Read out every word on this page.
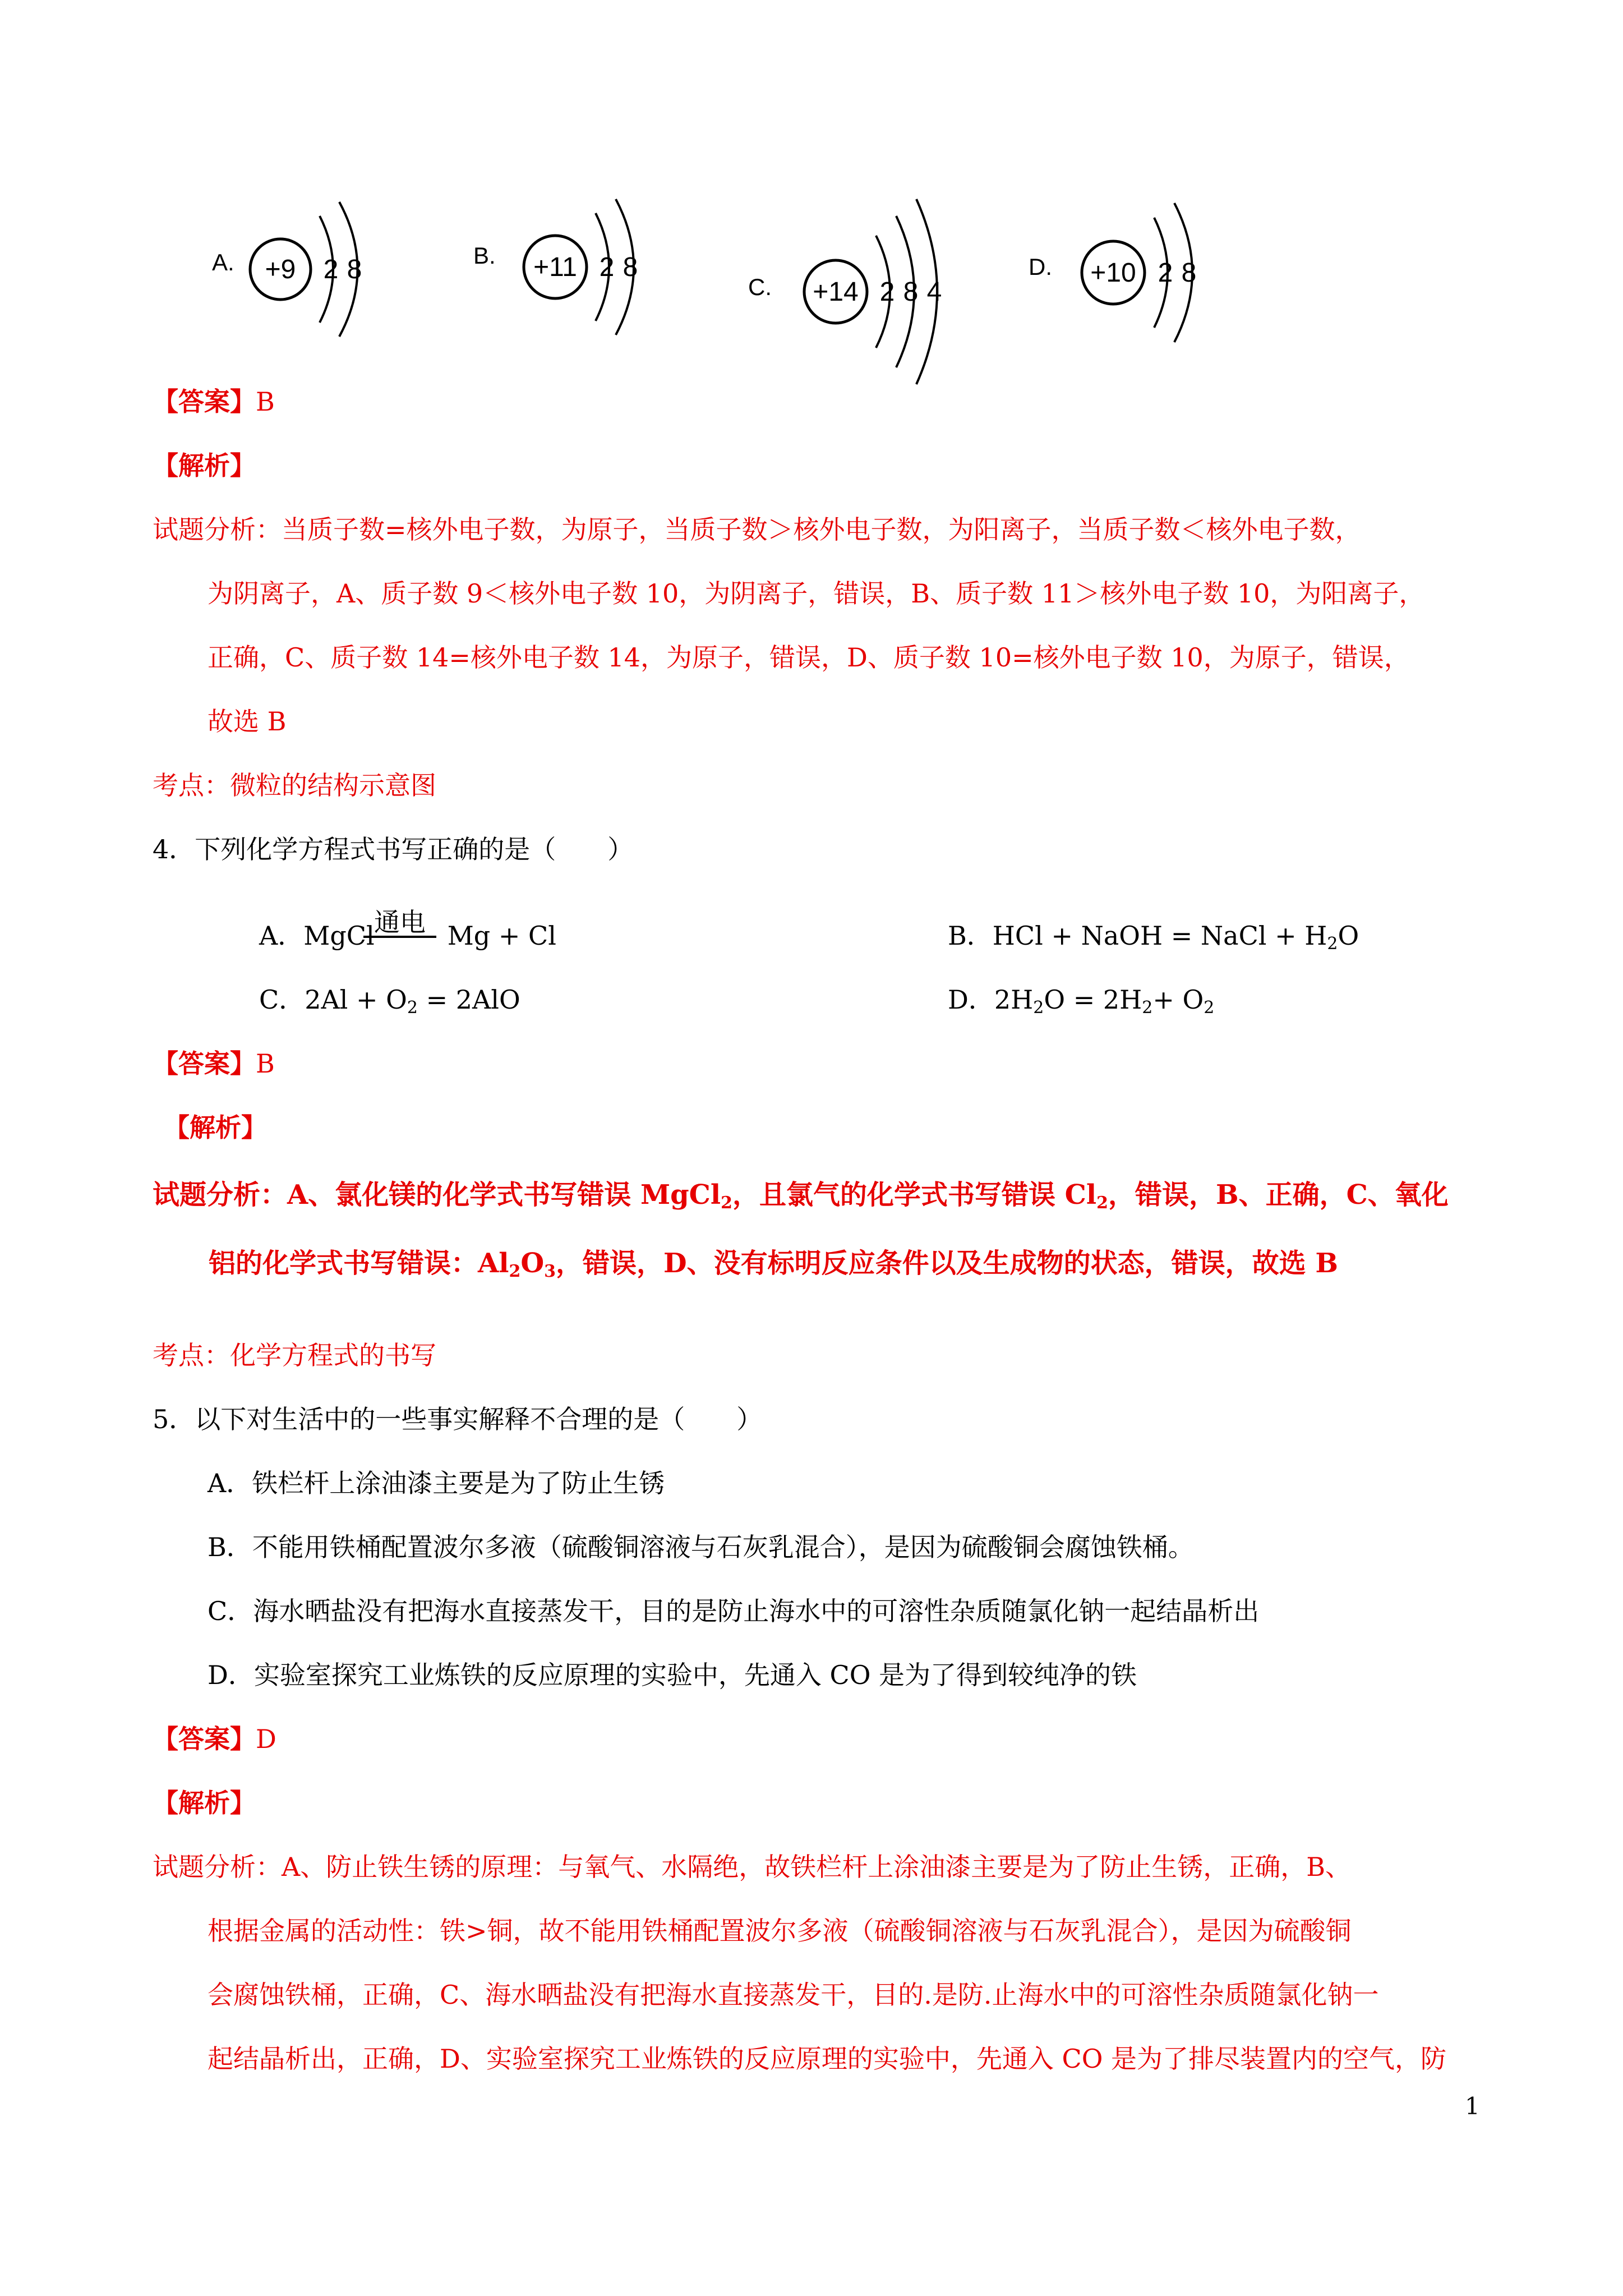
A. +9 2 8	B. +11 2 8
C. +14 2 8 4
D. +10 2 8
【答案】B
【解析】
试题分析：当质子数=核外电子数，为原子，当质子数＞核外电子数，为阳离子，当质子数＜核外电子数，
为阴离子，A、质子数 9＜核外电子数 10，为阴离子，错误，B、质子数 11＞核外电子数 10，为阳离子，
正确，C、质子数 14=核外电子数 14，为原子，错误，D、质子数 10=核外电子数 10，为原子，错误，
故选 B
考点：微粒的结构示意图
4．下列化学方程式书写正确的是（　　）
A．MgCl	Mg + Cl
通电	B．HCl + NaOH = NaCl + $H_2O$
C．$2Al + O_2 = 2AlO$	D．$2H_2O = 2H_2+ O_2$
【答案】B
【解析】
试题分析：A、氯化镁的化学式书写错误 MgCl$_2$，且氯气的化学式书写错误 $Cl_2$，错误，B、正确，C、氧化
铝的化学式书写错误：$Al_2O_3$，错误，D、没有标明反应条件以及生成物的状态，错误，故选 B
考点：化学方程式的书写
5．以下对生活中的一些事实解释不合理的是（　　）
A．铁栏杆上涂油漆主要是为了防止生锈
B．不能用铁桶配置波尔多液（硫酸铜溶液与石灰乳混合），是因为硫酸铜会腐蚀铁桶。
C．海水晒盐没有把海水直接蒸发干，目的是防止海水中的可溶性杂质随氯化钠一起结晶析出
D．实验室探究工业炼铁的反应原理的实验中，先通入 CO 是为了得到较纯净的铁
【答案】D
【解析】
试题分析：A、防止铁生锈的原理：与氧气、水隔绝，故铁栏杆上涂油漆主要是为了防止生锈，正确，B、
根据金属的活动性：铁>铜，故不能用铁桶配置波尔多液（硫酸铜溶液与石灰乳混合），是因为硫酸铜
会腐蚀铁桶，正确，C、海水晒盐没有把海水直接蒸发干，目的.是防.止海水中的可溶性杂质随氯化钠一
起结晶析出，正确，D、实验室探究工业炼铁的反应原理的实验中，先通入 CO 是为了排尽装置内的空气，防
1
